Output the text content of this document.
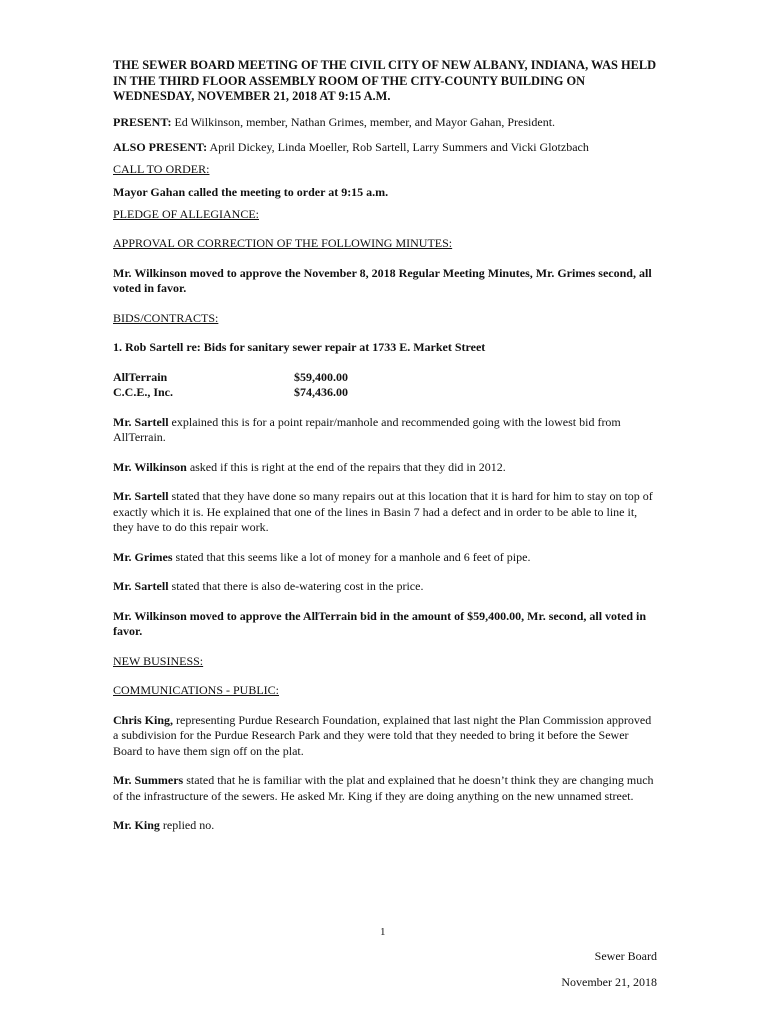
THE SEWER BOARD MEETING OF THE CIVIL CITY OF NEW ALBANY, INDIANA, WAS HELD IN THE THIRD FLOOR ASSEMBLY ROOM OF THE CITY-COUNTY BUILDING ON WEDNESDAY, NOVEMBER 21, 2018 AT 9:15 A.M.

PRESENT: Ed Wilkinson, member, Nathan Grimes, member, and Mayor Gahan, President.

ALSO PRESENT: April Dickey, Linda Moeller, Rob Sartell, Larry Summers and Vicki Glotzbach

CALL TO ORDER:

Mayor Gahan called the meeting to order at 9:15 a.m.

PLEDGE OF ALLEGIANCE:

APPROVAL OR CORRECTION OF THE FOLLOWING MINUTES:

Mr. Wilkinson moved to approve the November 8, 2018 Regular Meeting Minutes, Mr. Grimes second, all voted in favor.

BIDS/CONTRACTS:

1. Rob Sartell re: Bids for sanitary sewer repair at 1733 E. Market Street

AllTerrain	$59,400.00
C.C.E., Inc.	$74,436.00

Mr. Sartell explained this is for a point repair/manhole and recommended going with the lowest bid from AllTerrain.

Mr. Wilkinson asked if this is right at the end of the repairs that they did in 2012.

Mr. Sartell stated that they have done so many repairs out at this location that it is hard for him to stay on top of exactly which it is. He explained that one of the lines in Basin 7 had a defect and in order to be able to line it, they have to do this repair work.

Mr. Grimes stated that this seems like a lot of money for a manhole and 6 feet of pipe.

Mr. Sartell stated that there is also de-watering cost in the price.

Mr. Wilkinson moved to approve the AllTerrain bid in the amount of $59,400.00, Mr. second, all voted in favor.

NEW BUSINESS:

COMMUNICATIONS - PUBLIC:

Chris King, representing Purdue Research Foundation, explained that last night the Plan Commission approved a subdivision for the Purdue Research Park and they were told that they needed to bring it before the Sewer Board to have them sign off on the plat.

Mr. Summers stated that he is familiar with the plat and explained that he doesn’t think they are changing much of the infrastructure of the sewers. He asked Mr. King if they are doing anything on the new unnamed street.

Mr. King replied no.

1
Sewer Board
November 21, 2018
